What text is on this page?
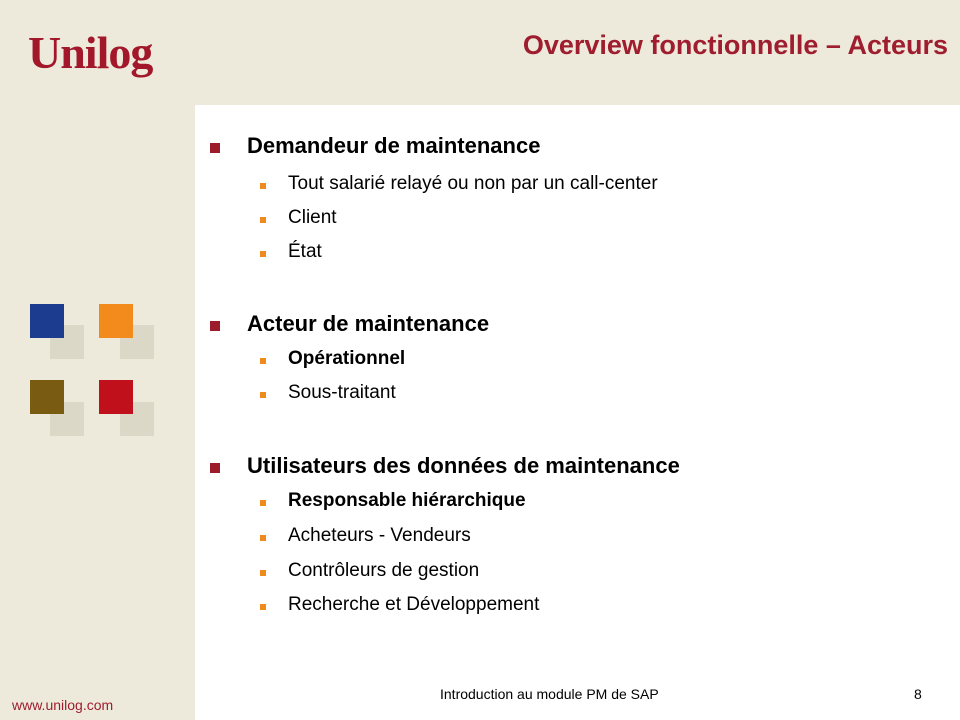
Unilog	Overview fonctionnelle – Acteurs
Demandeur de maintenance
Tout salarié relayé ou non par un call-center
Client
État
Acteur de maintenance
Opérationnel
Sous-traitant
Utilisateurs des données de maintenance
Responsable hiérarchique
Acheteurs - Vendeurs
Contrôleurs de gestion
Recherche et Développement
www.unilog.com
Introduction au module PM de SAP	8
